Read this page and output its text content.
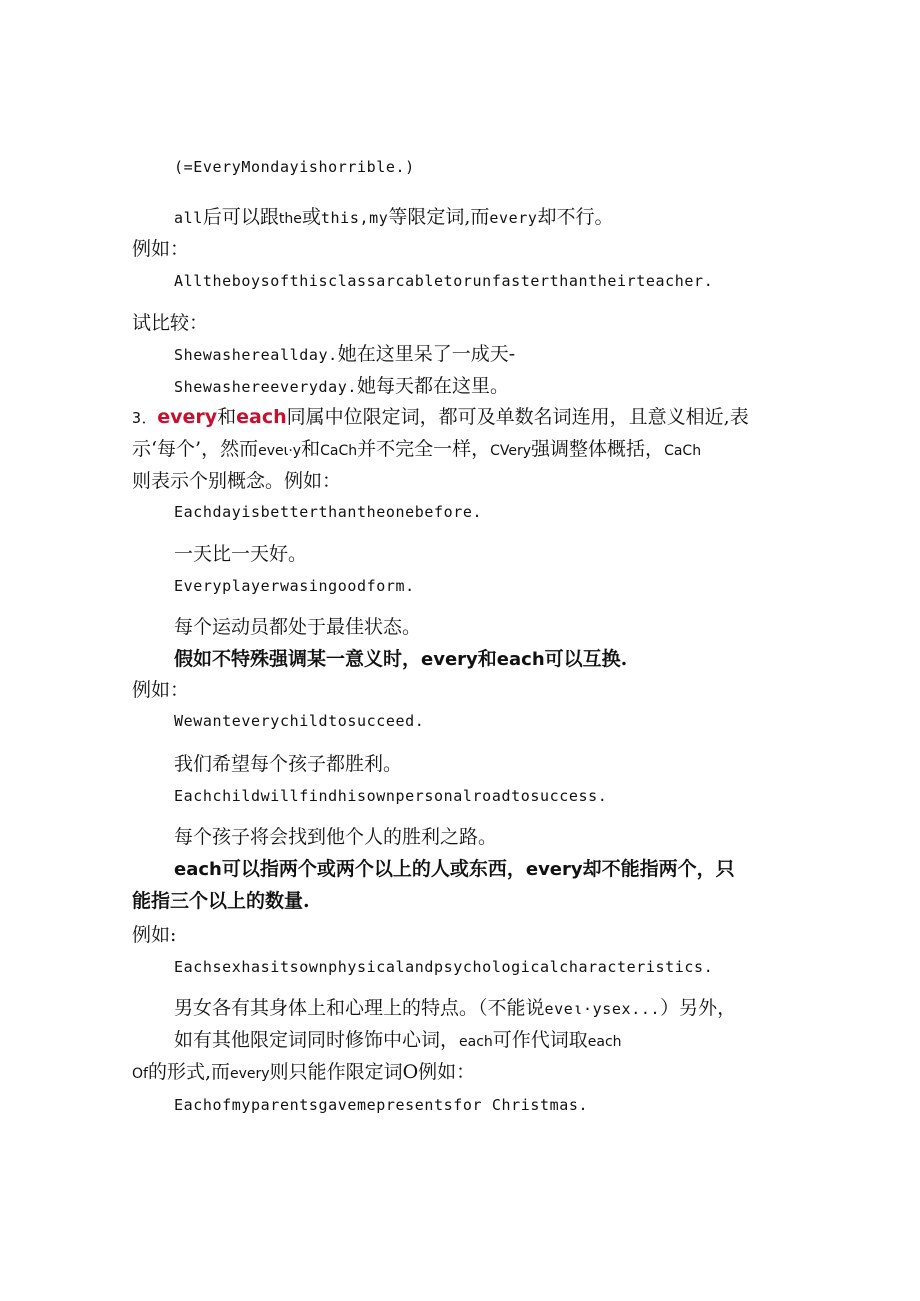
(=EveryMondayishorrible.)
all后可以跟the或this,my等限定词,而every却不行。
例如：
Alltheboysofthisclassarcabletorunfasterthantheirteacher.
试比较：
Shewashereallday.她在这里呆了一成天-
Shewashereeveryday.她每天都在这里。
3．every和each同属中位限定词，都可及单数名词连用，且意义相近,表
示‘每个’，然而eveι·y和CaCh并不完全一样，CVery强调整体概括，CaCh
则表示个别概念。例如：
Eachdayisbetterthantheonebefore.
一天比一天好。
Everyplayerwasingoodform.
每个运动员都处于最佳状态。
假如不特殊强调某一意义时，every和each可以互换.
例如：
Wewanteverychildtosucceed.
我们希望每个孩子都胜利。
Eachchildwillfindhisownpersonalroadtosuccess.
每个孩子将会找到他个人的胜利之路。
each可以指两个或两个以上的人或东西，every却不能指两个，只
能指三个以上的数量.
例如:
Eachsexhasitsownphysicalandpsychologicalcharacteristics.
男女各有其身体上和心理上的特点。（不能说eveι·ysex...）另外，
如有其他限定词同时修饰中心词，each可作代词取each
Of的形式,而every则只能作限定词O例如：
Eachofmyparentsgavemepresentsfor Christmas.
